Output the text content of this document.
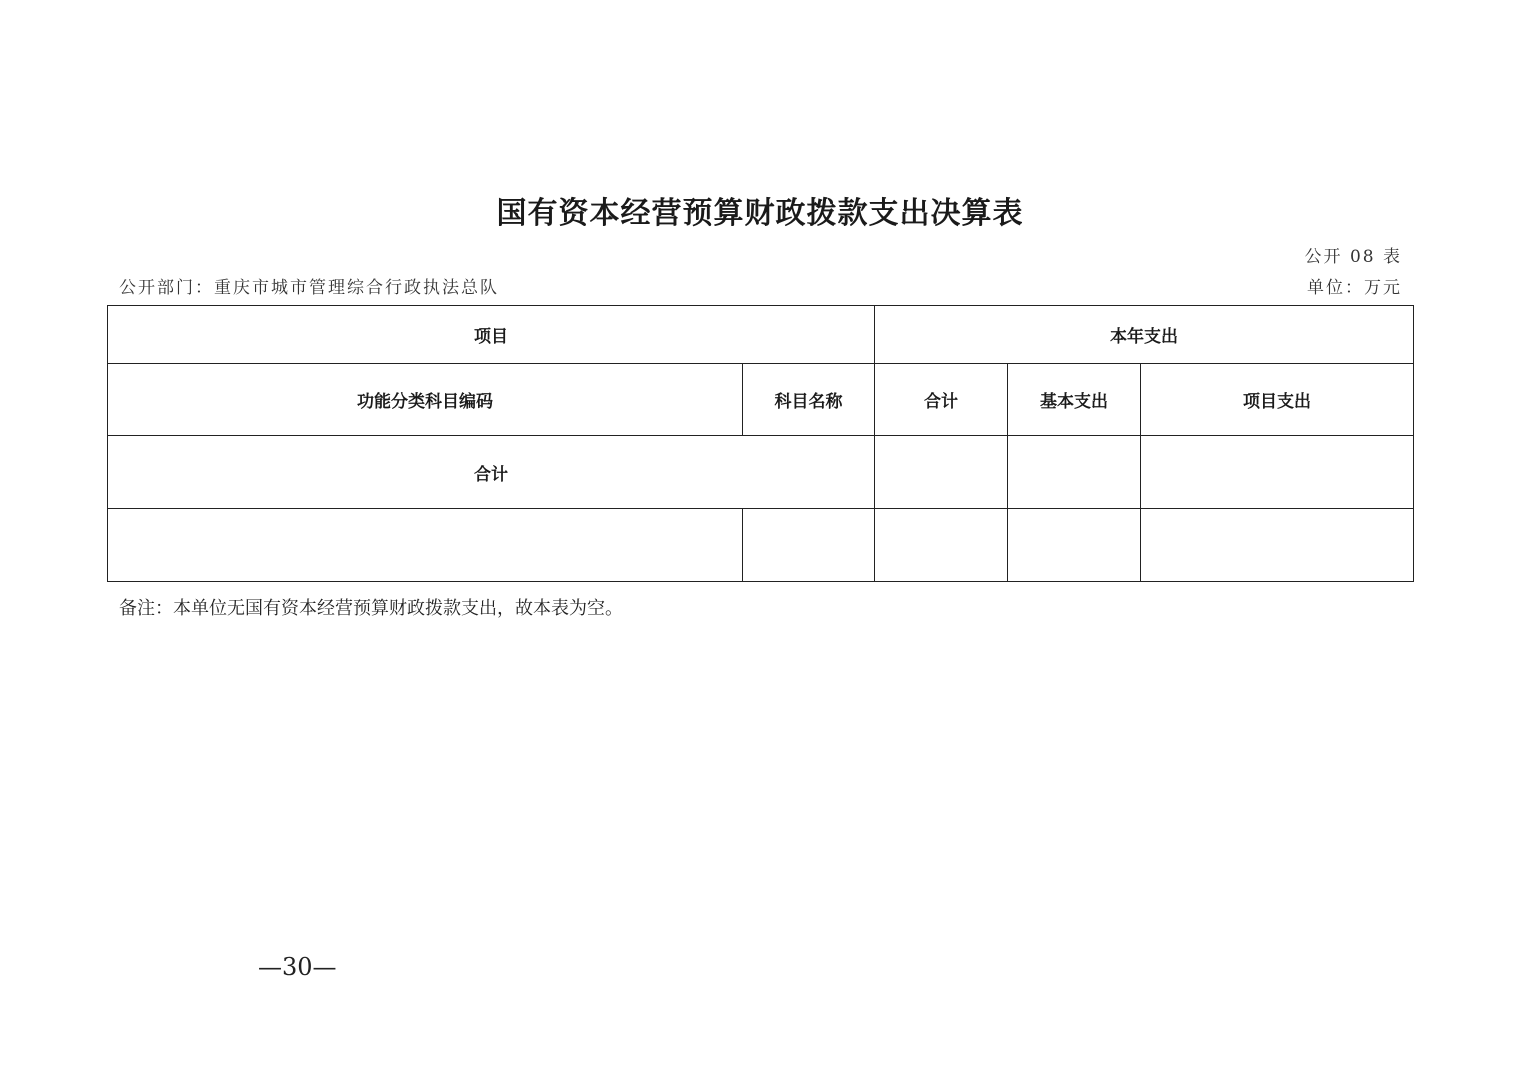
国有资本经营预算财政拨款支出决算表
公开 08 表
公开部门：重庆市城市管理综合行政执法总队	单位：万元
项目		本年支出		
功能分类科目编码	科目名称	合计	基本支出	项目支出
合计				

备注：本单位无国有资本经营预算财政拨款支出，故本表为空。
—30—
